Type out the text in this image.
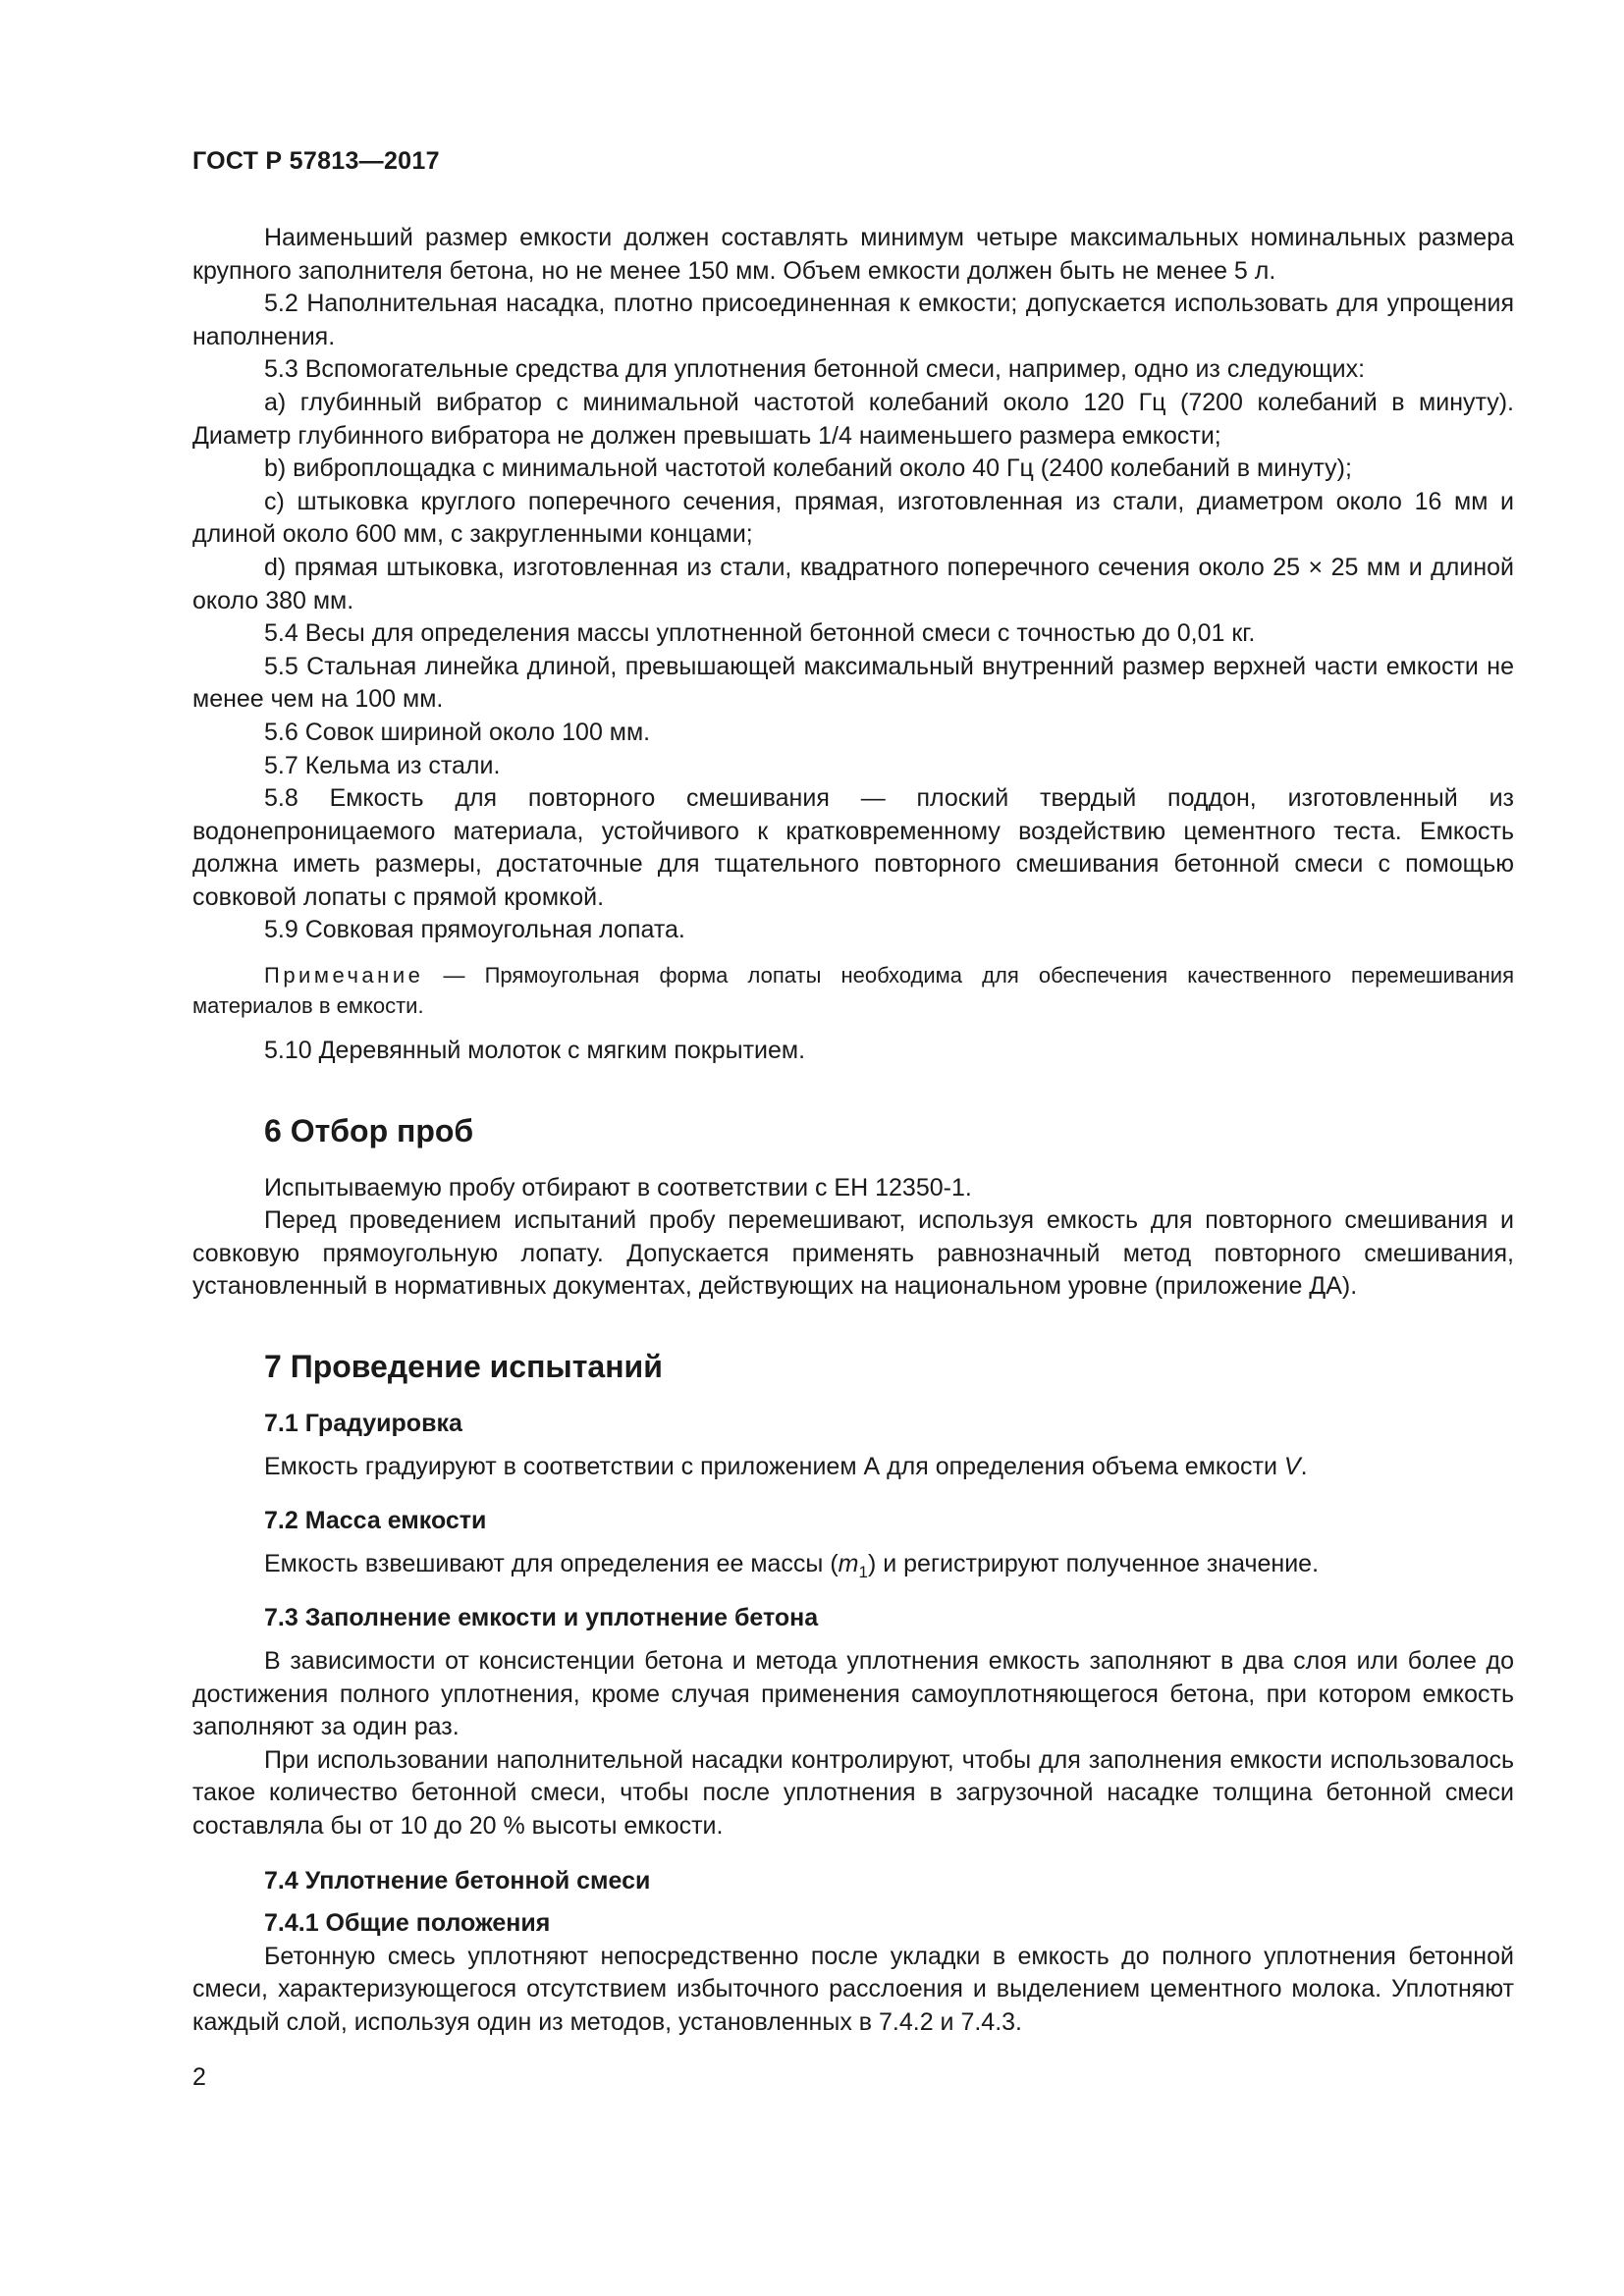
ГОСТ Р 57813—2017

Наименьший размер емкости должен составлять минимум четыре максимальных номинальных размера крупного заполнителя бетона, но не менее 150 мм. Объем емкости должен быть не менее 5 л.

5.2 Наполнительная насадка, плотно присоединенная к емкости; допускается использовать для упрощения наполнения.

5.3 Вспомогательные средства для уплотнения бетонной смеси, например, одно из следующих:

а) глубинный вибратор с минимальной частотой колебаний около 120 Гц (7200 колебаний в минуту). Диаметр глубинного вибратора не должен превышать 1/4 наименьшего размера емкости;

b) виброплощадка с минимальной частотой колебаний около 40 Гц (2400 колебаний в минуту);

с) штыковка круглого поперечного сечения, прямая, изготовленная из стали, диаметром около 16 мм и длиной около 600 мм, с закругленными концами;

d) прямая штыковка, изготовленная из стали, квадратного поперечного сечения около 25 × 25 мм и длиной около 380 мм.

5.4 Весы для определения массы уплотненной бетонной смеси с точностью до 0,01 кг.

5.5 Стальная линейка длиной, превышающей максимальный внутренний размер верхней части емкости не менее чем на 100 мм.

5.6 Совок шириной около 100 мм.

5.7 Кельма из стали.

5.8 Емкость для повторного смешивания — плоский твердый поддон, изготовленный из водонепроницаемого материала, устойчивого к кратковременному воздействию цементного теста. Емкость должна иметь размеры, достаточные для тщательного повторного смешивания бетонной смеси с помощью совковой лопаты с прямой кромкой.

5.9 Совковая прямоугольная лопата.

Примечание — Прямоугольная форма лопаты необходима для обеспечения качественного перемешивания материалов в емкости.

5.10 Деревянный молоток с мягким покрытием.

6 Отбор проб

Испытываемую пробу отбирают в соответствии с ЕН 12350-1.

Перед проведением испытаний пробу перемешивают, используя емкость для повторного смешивания и совковую прямоугольную лопату. Допускается применять равнозначный метод повторного смешивания, установленный в нормативных документах, действующих на национальном уровне (приложение ДА).

7 Проведение испытаний
7.1 Градуировка

Емкость градуируют в соответствии с приложением А для определения объема емкости V.

7.2 Масса емкости

Емкость взвешивают для определения ее массы $(m_1)$ и регистрируют полученное значение.

7.3 Заполнение емкости и уплотнение бетона

В зависимости от консистенции бетона и метода уплотнения емкость заполняют в два слоя или более до достижения полного уплотнения, кроме случая применения самоуплотняющегося бетона, при котором емкость заполняют за один раз.

При использовании наполнительной насадки контролируют, чтобы для заполнения емкости использовалось такое количество бетонной смеси, чтобы после уплотнения в загрузочной насадке толщина бетонной смеси составляла бы от 10 до 20 % высоты емкости.

7.4 Уплотнение бетонной смеси
7.4.1 Общие положения

Бетонную смесь уплотняют непосредственно после укладки в емкость до полного уплотнения бетонной смеси, характеризующегося отсутствием избыточного расслоения и выделением цементного молока. Уплотняют каждый слой, используя один из методов, установленных в 7.4.2 и 7.4.3.

2
